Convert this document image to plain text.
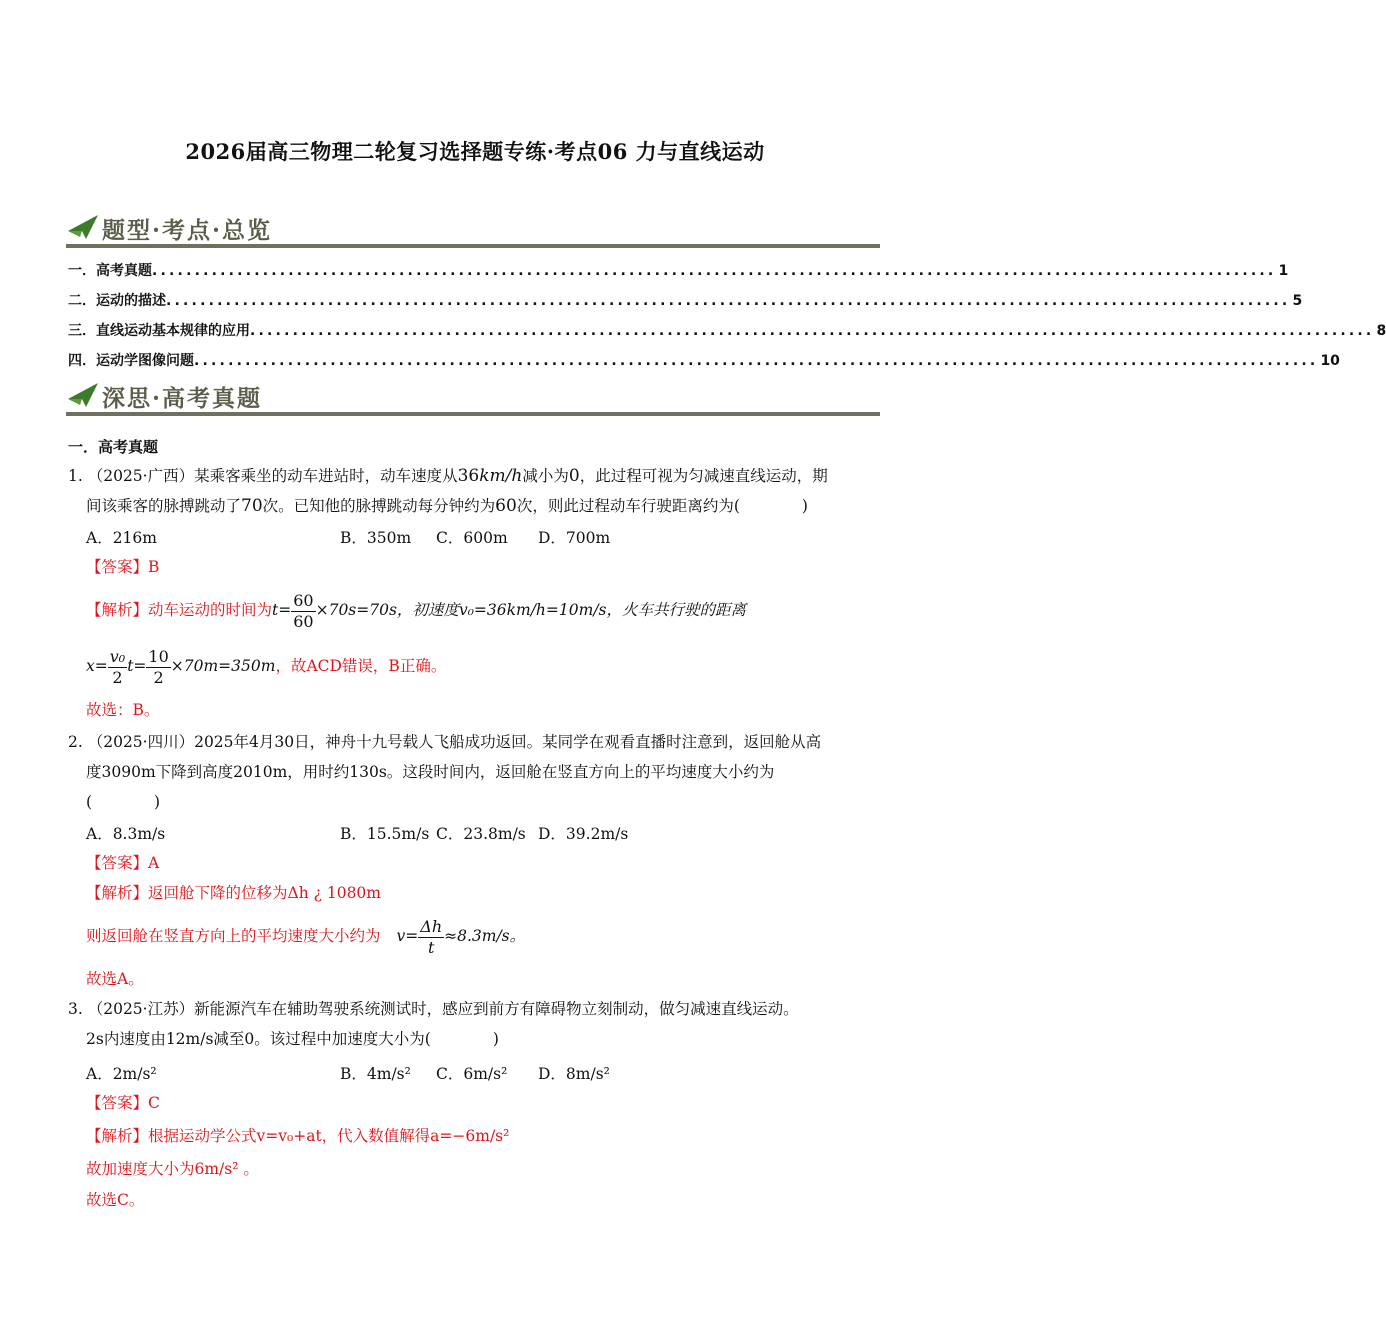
2026届高三物理二轮复习选择题专练·考点06 力与直线运动
题型·考点·总览
一．高考真题 .................................................................................................................................... 1
二．运动的描述 .................................................................................................................................... 5
三．直线运动基本规律的应用 .................................................................................................................................... 8
四．运动学图像问题 .................................................................................................................................... 10
深思·高考真题
一．高考真题
1. （2025·广西）某乘客乘坐的动车进站时，动车速度从36km/h减小为0，此过程可视为匀减速直线运动，期
间该乘客的脉搏跳动了70次。已知他的脉搏跳动每分钟约为60次，则此过程动车行驶距离约为(　　　　)
A．216m	B．350m C．600m D．700m
【答案】B
【解析】动车运动的时间为$t= \frac{60}{60} \times 70s=70s$，初速度v₀=36km/h=10m/s，火车共行驶的距离
$x= \frac{\text{v₀}}{2} t= \frac{10}{2} \times 70m=350m$，故ACD错误，B正确。
故选：B。
2. （2025·四川）2025年4月30日，神舟十九号载人飞船成功返回。某同学在观看直播时注意到，返回舱从高
度3090m下降到高度2010m，用时约130s。这段时间内，返回舱在竖直方向上的平均速度大小约为
(　　　　)
A．8.3m/s	B．15.5m/s C．23.8m/s D．39.2m/s
【答案】A
【解析】返回舱下降的位移为Δh ¿ 1080m
则返回舱在竖直方向上的平均速度大小约为 $v= \frac{\Delta h}{t} \approx 8.3m/s$。
故选A。
3. （2025·江苏）新能源汽车在辅助驾驶系统测试时，感应到前方有障碍物立刻制动，做匀减速直线运动。
2s内速度由12m/s减至0。该过程中加速度大小为(　　　　)
A．2m/s²	B．4m/s² C．6m/s² D．8m/s²
【答案】C
【解析】根据运动学公式v=v₀+at，代入数值解得a=−6m/s²
故加速度大小为6m/s² 。
故选C。
